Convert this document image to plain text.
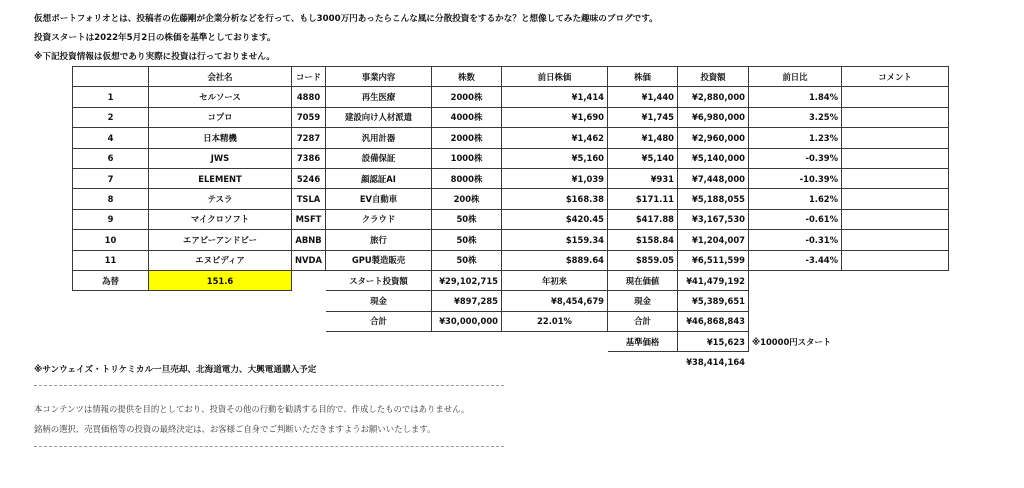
仮想ポートフォリオとは、投稿者の佐藤剛が企業分析などを行って、もし3000万円あったらこんな風に分散投資をするかな？と想像してみた趣味のブログです。
投資スタートは2022年5月2日の株価を基準としております。
※下記投資情報は仮想であり実際に投資は行っておりません。
	会社名	コード	事業内容	株数	前日株価	株価	投資額	前日比	コメント
1	セルソース	4880	再生医療	2000株	¥1,414	¥1,440	¥2,880,000	1.84%	
2	コプロ	7059	建設向け人材派遣	4000株	¥1,690	¥1,745	¥6,980,000	3.25%	
4	日本精機	7287	汎用計器	2000株	¥1,462	¥1,480	¥2,960,000	1.23%	
6	JWS	7386	設備保証	1000株	¥5,160	¥5,140	¥5,140,000	-0.39%	
7	ELEMENT	5246	顔認証AI	8000株	¥1,039	¥931	¥7,448,000	-10.39%	
8	テスラ	TSLA	EV自動車	200株	$168.38	$171.11	¥5,188,055	1.62%	
9	マイクロソフト	MSFT	クラウド	50株	$420.45	$417.88	¥3,167,530	-0.61%	
10	エアビーアンドビー	ABNB	旅行	50株	$159.34	$158.84	¥1,204,007	-0.31%	
11	エヌビディア	NVDA	GPU製造販売	50株	$889.64	$859.05	¥6,511,599	-3.44%	
為替	151.6		スタート投資額	¥29,102,715	年初来	現在価値	¥41,479,192		
			現金	¥897,285	¥8,454,679	現金	¥5,389,651		
			合計	¥30,000,000	22.01%	合計	¥46,868,843		
						基準価格	¥15,623	※10000円スタート	
							¥38,414,164		
※サンウェイズ・トリケミカル一旦売却、北海道電力、大興電通購入予定
本コンテンツは情報の提供を目的としており、投資その他の行動を勧誘する目的で、作成したものではありません。
銘柄の選択、売買価格等の投資の最終決定は、お客様ご自身でご判断いただきますようお願いいたします。
